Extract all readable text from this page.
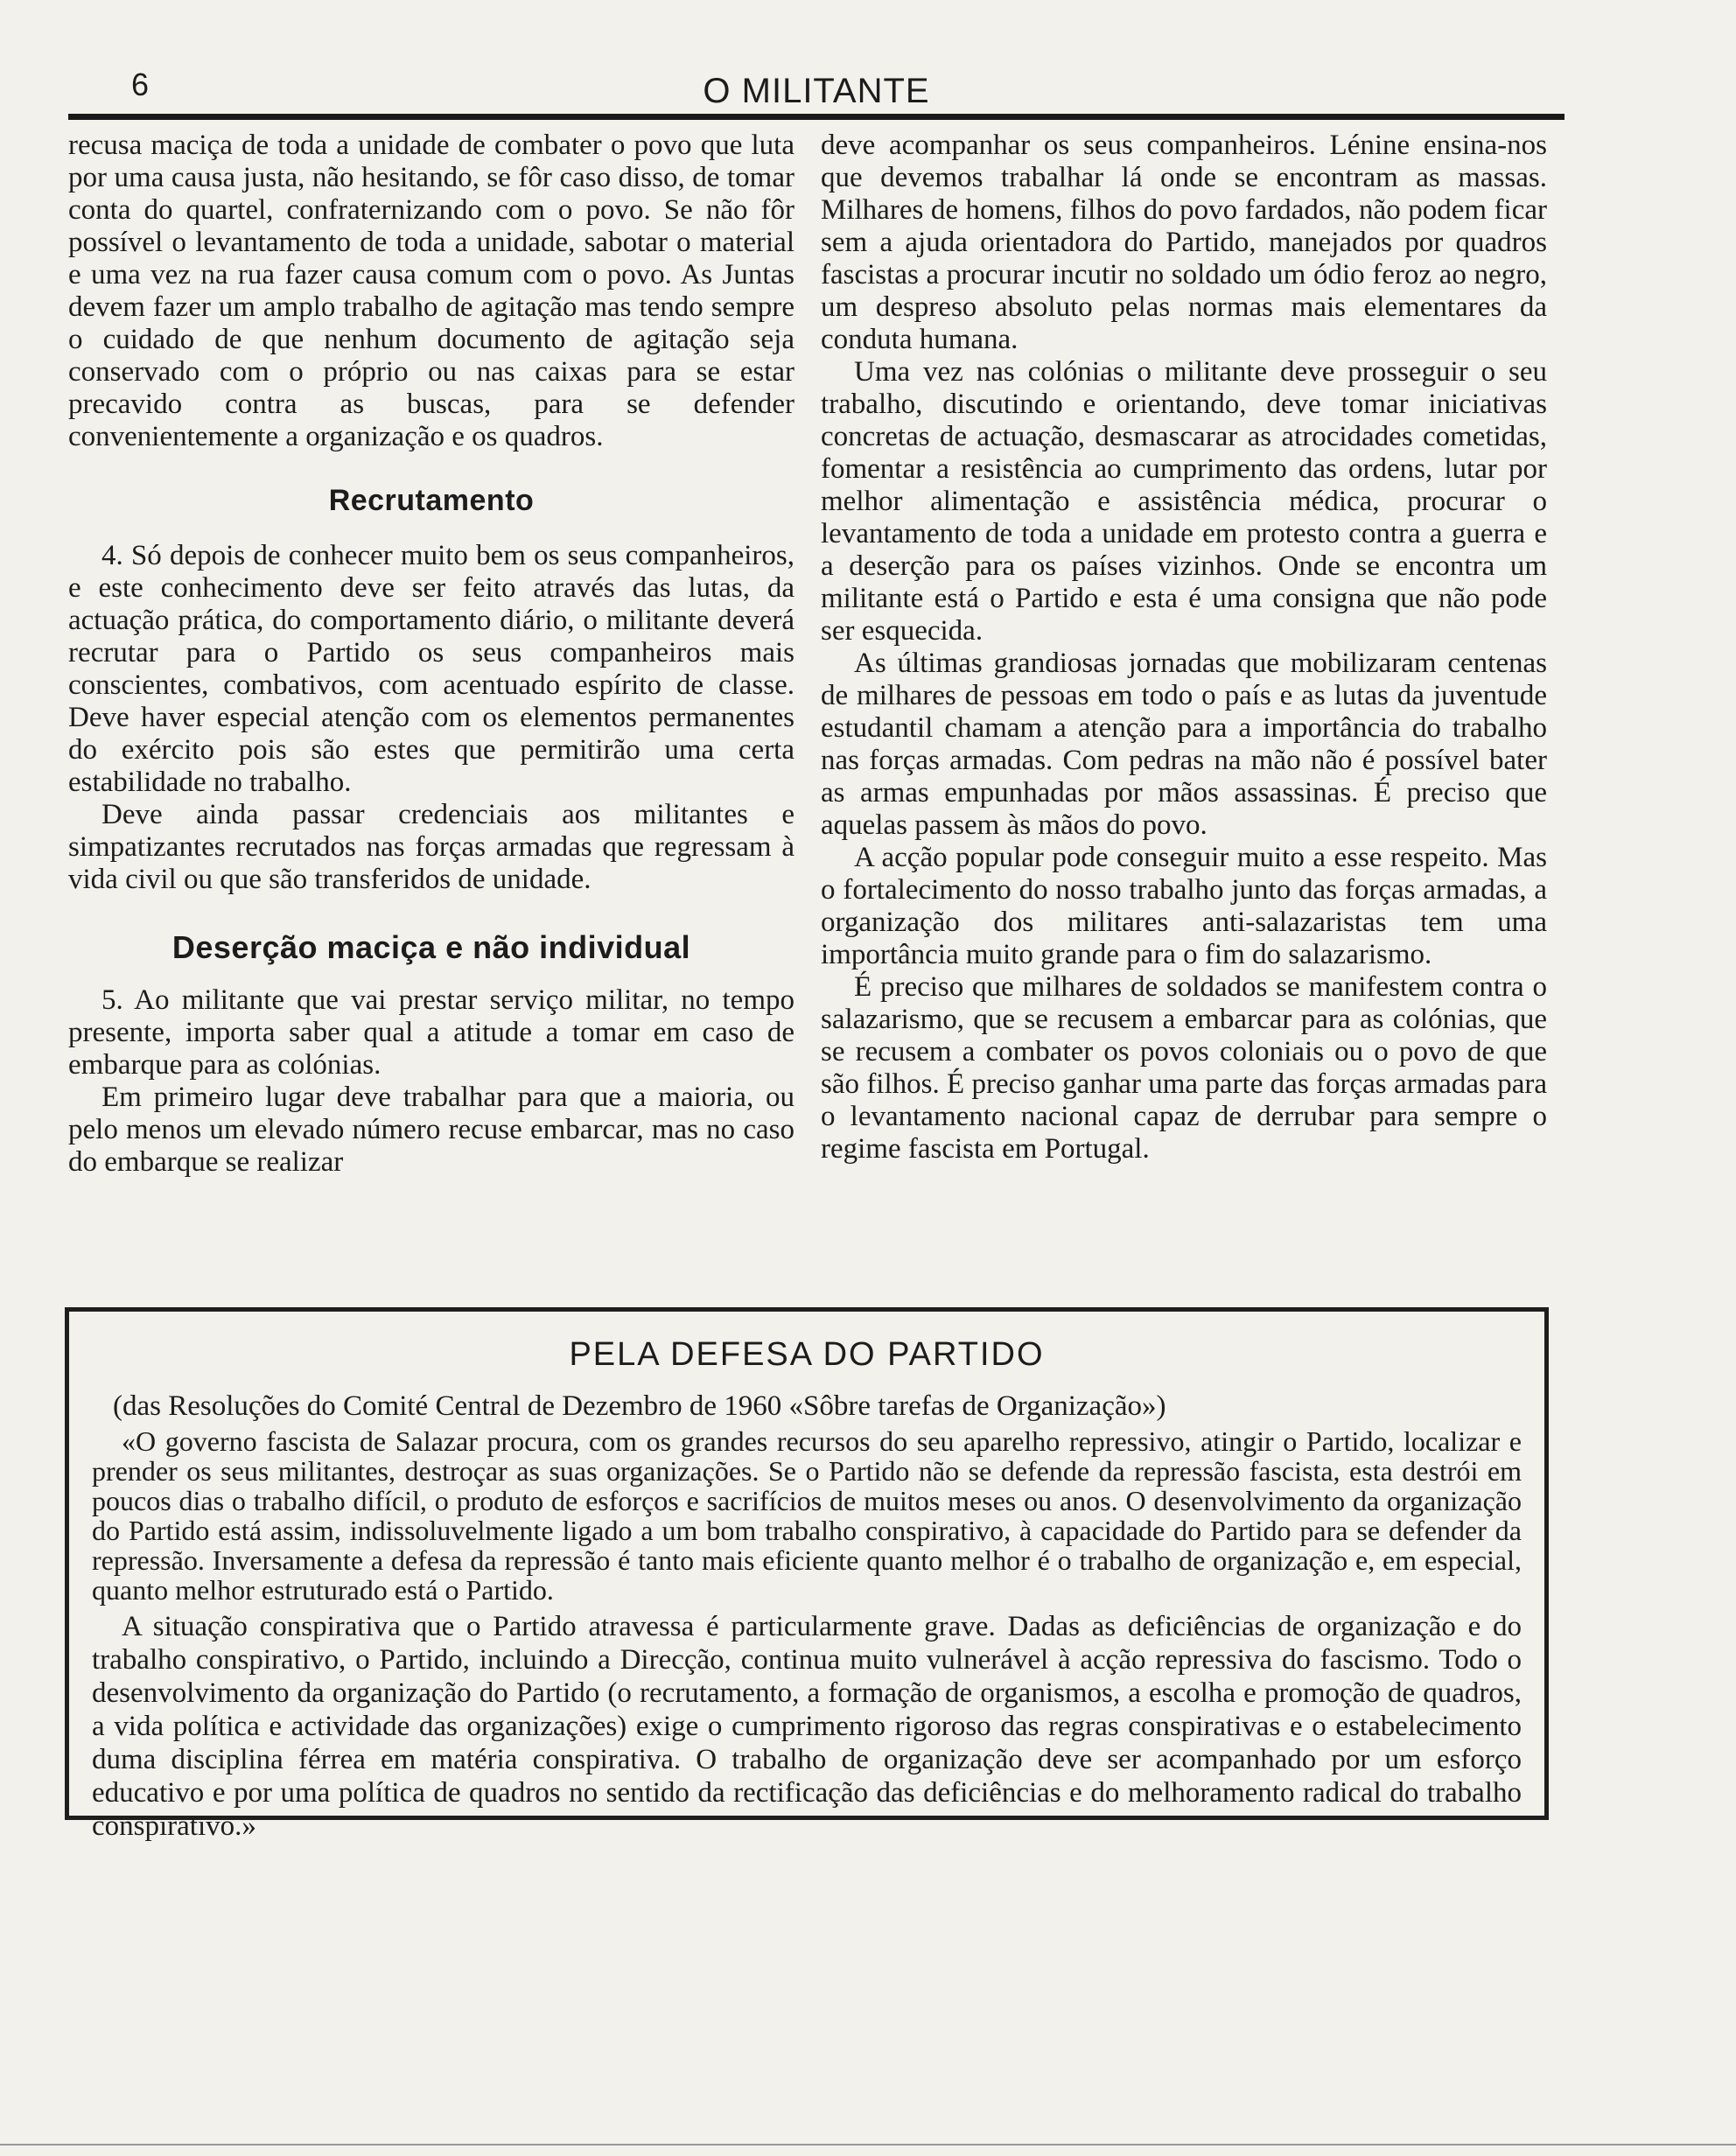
6	O MILITANTE

recusa maciça de toda a unidade de combater o povo que luta por uma causa justa, não hesitando, se fôr caso disso, de tomar conta do quartel, confraternizando com o povo. Se não fôr possível o levantamento de toda a unidade, sabotar o material e uma vez na rua fazer causa comum com o povo. As Juntas devem fazer um amplo trabalho de agitação mas tendo sempre o cuidado de que nenhum documento de agitação seja conservado com o próprio ou nas caixas para se estar precavido contra as buscas, para se defender convenientemente a organização e os quadros.

Recrutamento

4. Só depois de conhecer muito bem os seus companheiros, e este conhecimento deve ser feito através das lutas, da actuação prática, do comportamento diário, o militante deverá recrutar para o Partido os seus companheiros mais conscientes, combativos, com acentuado espírito de classe. Deve haver especial atenção com os elementos permanentes do exército pois são estes que permitirão uma certa estabilidade no trabalho.

Deve ainda passar credenciais aos militantes e simpatizantes recrutados nas forças armadas que regressam à vida civil ou que são transferidos de unidade.

Deserção maciça e não individual

5. Ao militante que vai prestar serviço militar, no tempo presente, importa saber qual a atitude a tomar em caso de embarque para as colónias.

Em primeiro lugar deve trabalhar para que a maioria, ou pelo menos um elevado número recuse embarcar, mas no caso do embarque se realizar

deve acompanhar os seus companheiros. Lénine ensina-nos que devemos trabalhar lá onde se encontram as massas. Milhares de homens, filhos do povo fardados, não podem ficar sem a ajuda orientadora do Partido, manejados por quadros fascistas a procurar incutir no soldado um ódio feroz ao negro, um despreso absoluto pelas normas mais elementares da conduta humana.

Uma vez nas colónias o militante deve prosseguir o seu trabalho, discutindo e orientando, deve tomar iniciativas concretas de actuação, desmascarar as atrocidades cometidas, fomentar a resistência ao cumprimento das ordens, lutar por melhor alimentação e assistência médica, procurar o levantamento de toda a unidade em protesto contra a guerra e a deserção para os países vizinhos. Onde se encontra um militante está o Partido e esta é uma consigna que não pode ser esquecida.

As últimas grandiosas jornadas que mobilizaram centenas de milhares de pessoas em todo o país e as lutas da juventude estudantil chamam a atenção para a importância do trabalho nas forças armadas. Com pedras na mão não é possível bater as armas empunhadas por mãos assassinas. É preciso que aquelas passem às mãos do povo.

A acção popular pode conseguir muito a esse respeito. Mas o fortalecimento do nosso trabalho junto das forças armadas, a organização dos militares anti-salazaristas tem uma importância muito grande para o fim do salazarismo.

É preciso que milhares de soldados se manifestem contra o salazarismo, que se recusem a embarcar para as colónias, que se recusem a combater os povos coloniais ou o povo de que são filhos. É preciso ganhar uma parte das forças armadas para o levantamento nacional capaz de derrubar para sempre o regime fascista em Portugal.

PELA DEFESA DO PARTIDO
(das Resoluções do Comité Central de Dezembro de 1960 «Sôbre tarefas de Organização»)

«O governo fascista de Salazar procura, com os grandes recursos do seu aparelho repressivo, atingir o Partido, localizar e prender os seus militantes, destroçar as suas organizações. Se o Partido não se defende da repressão fascista, esta destrói em poucos dias o trabalho difícil, o produto de esforços e sacrifícios de muitos meses ou anos. O desenvolvimento da organização do Partido está assim, indissoluvelmente ligado a um bom trabalho conspirativo, à capacidade do Partido para se defender da repressão. Inversamente a defesa da repressão é tanto mais eficiente quanto melhor é o trabalho de organização e, em especial, quanto melhor estruturado está o Partido.

A situação conspirativa que o Partido atravessa é particularmente grave. Dadas as deficiências de organização e do trabalho conspirativo, o Partido, incluindo a Direcção, continua muito vulnerável à acção repressiva do fascismo. Todo o desenvolvimento da organização do Partido (o recrutamento, a formação de organismos, a escolha e promoção de quadros, a vida política e actividade das organizações) exige o cumprimento rigoroso das regras conspirativas e o estabelecimento duma disciplina férrea em matéria conspirativa. O trabalho de organização deve ser acompanhado por um esforço educativo e por uma política de quadros no sentido da rectificação das deficiências e do melhoramento radical do trabalho conspirativo.»
